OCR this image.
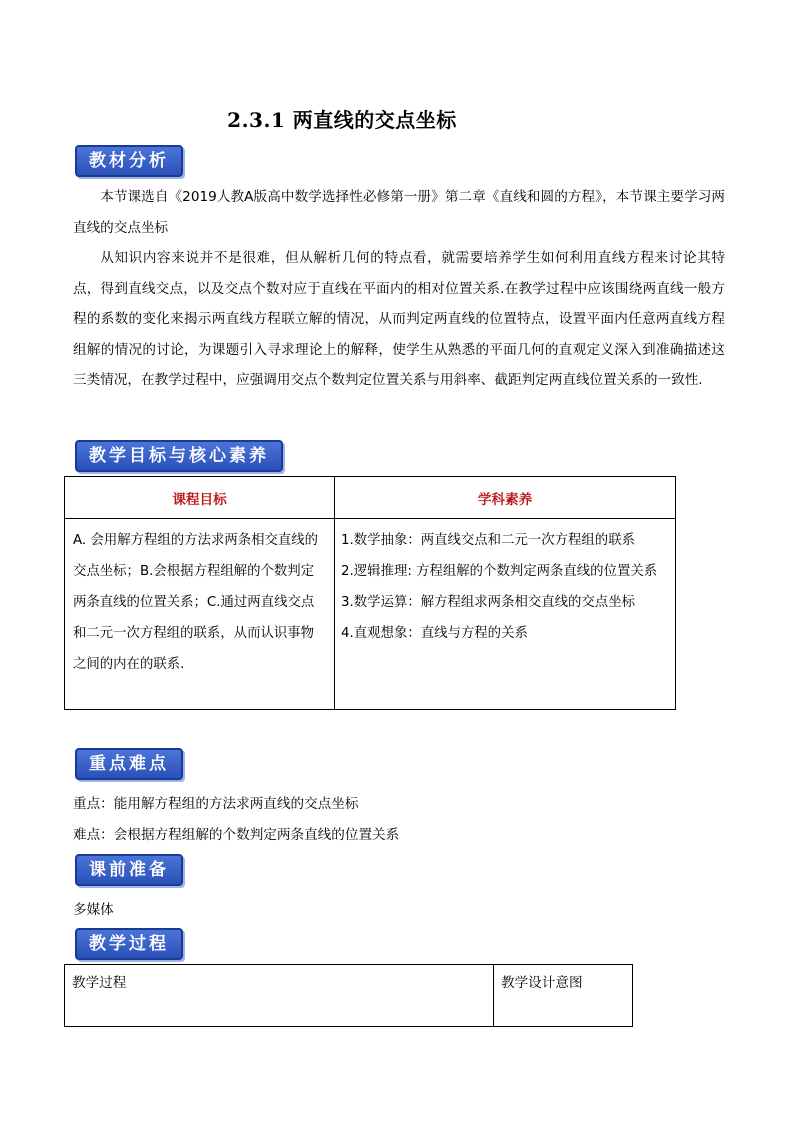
2.3.1 两直线的交点坐标
教材分析
本节课选自《2019人教A版高中数学选择性必修第一册》第二章《直线和圆的方程》，本节课主要学习两直线的交点坐标
从知识内容来说并不是很难，但从解析几何的特点看，就需要培养学生如何利用直线方程来讨论其特点，得到直线交点，以及交点个数对应于直线在平面内的相对位置关系.在教学过程中应该围绕两直线一般方程的系数的变化来揭示两直线方程联立解的情况，从而判定两直线的位置特点，设置平面内任意两直线方程组解的情况的讨论，为课题引入寻求理论上的解释，使学生从熟悉的平面几何的直观定义深入到准确描述这三类情况，在教学过程中，应强调用交点个数判定位置关系与用斜率、截距判定两直线位置关系的一致性.
教学目标与核心素养
课程目标	学科素养

A. 会用解方程组的方法求两条相交直线的交点坐标；B.会根据方程组解的个数判定两条直线的位置关系；C.通过两直线交点和二元一次方程组的联系，从而认识事物之间的内在的联系.	1.数学抽象：两直线交点和二元一次方程组的联系
2.逻辑推理: 方程组解的个数判定两条直线的位置关系
3.数学运算：解方程组求两条相交直线的交点坐标
4.直观想象：直线与方程的关系
重点难点
重点：能用解方程组的方法求两直线的交点坐标
难点：会根据方程组解的个数判定两条直线的位置关系
课前准备
多媒体
教学过程
教学过程	教学设计意图
